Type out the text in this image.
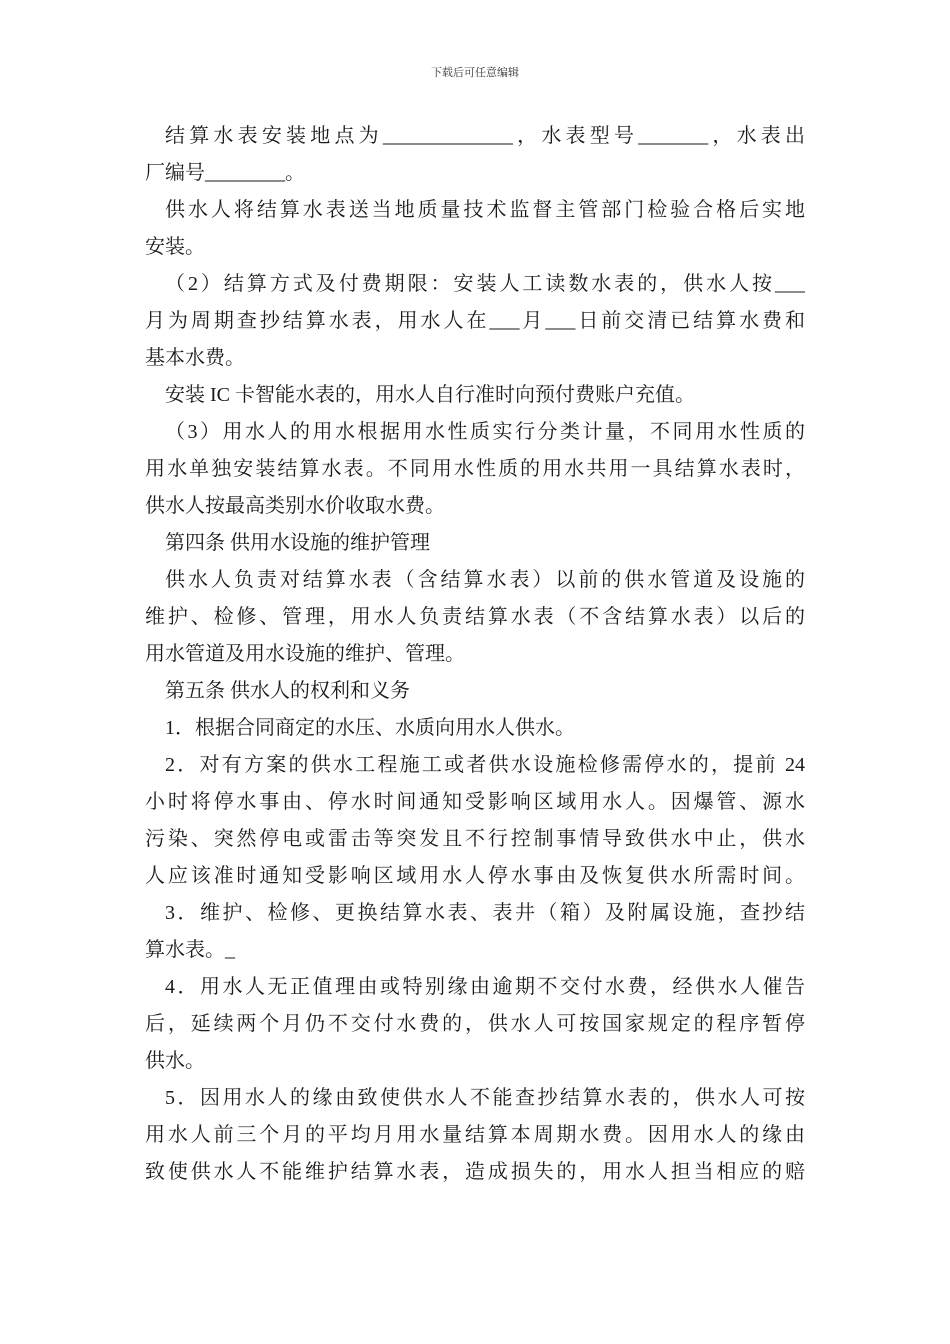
下载后可任意编辑
结算水表安装地点为_____________，水表型号_______，水表出
厂编号________。
供水人将结算水表送当地质量技术监督主管部门检验合格后实地
安装。
（2）结算方式及付费期限：安装人工读数水表的，供水人按___
月为周期查抄结算水表，用水人在___月___日前交清已结算水费和
基本水费。
安装 IC 卡智能水表的，用水人自行准时向预付费账户充值。
（3）用水人的用水根据用水性质实行分类计量，不同用水性质的
用水单独安装结算水表。不同用水性质的用水共用一具结算水表时，
供水人按最高类别水价收取水费。
第四条 供用水设施的维护管理
供水人负责对结算水表（含结算水表）以前的供水管道及设施的
维护、检修、管理，用水人负责结算水表（不含结算水表）以后的
用水管道及用水设施的维护、管理。
第五条 供水人的权利和义务
1．根据合同商定的水压、水质向用水人供水。
2．对有方案的供水工程施工或者供水设施检修需停水的，提前 24
小时将停水事由、停水时间通知受影响区域用水人。因爆管、源水
污染、突然停电或雷击等突发且不行控制事情导致供水中止，供水
人应该准时通知受影响区域用水人停水事由及恢复供水所需时间。
3．维护、检修、更换结算水表、表井（箱）及附属设施，查抄结
算水表。_
4．用水人无正值理由或特别缘由逾期不交付水费，经供水人催告
后，延续两个月仍不交付水费的，供水人可按国家规定的程序暂停
供水。
5．因用水人的缘由致使供水人不能查抄结算水表的，供水人可按
用水人前三个月的平均月用水量结算本周期水费。因用水人的缘由
致使供水人不能维护结算水表，造成损失的，用水人担当相应的赔
